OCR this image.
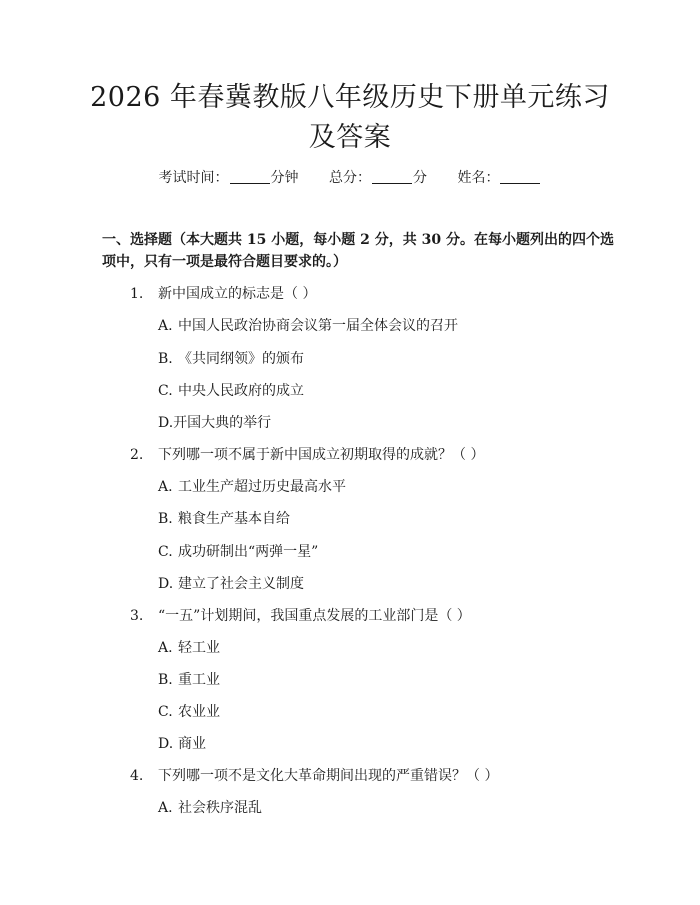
2026 年春冀教版八年级历史下册单元练习及答案
考试时间：	分钟 总分：	分 姓名：

一、选择题（本大题共 15 小题，每小题 2 分，共 30 分。在每小题列出的四个选项中，只有一项是最符合题目要求的。）

1. 新中国成立的标志是（ ）
A. 中国人民政治协商会议第一届全体会议的召开
B. 《共同纲领》的颁布
C. 中央人民政府的成立
D.开国大典的举行
2. 下列哪一项不属于新中国成立初期取得的成就？（ ）
A. 工业生产超过历史最高水平
B. 粮食生产基本自给
C. 成功研制出“两弹一星”
D. 建立了社会主义制度
3. “一五”计划期间，我国重点发展的工业部门是（ ）
A. 轻工业
B. 重工业
C. 农业业
D. 商业
4. 下列哪一项不是文化大革命期间出现的严重错误？（ ）
A. 社会秩序混乱
